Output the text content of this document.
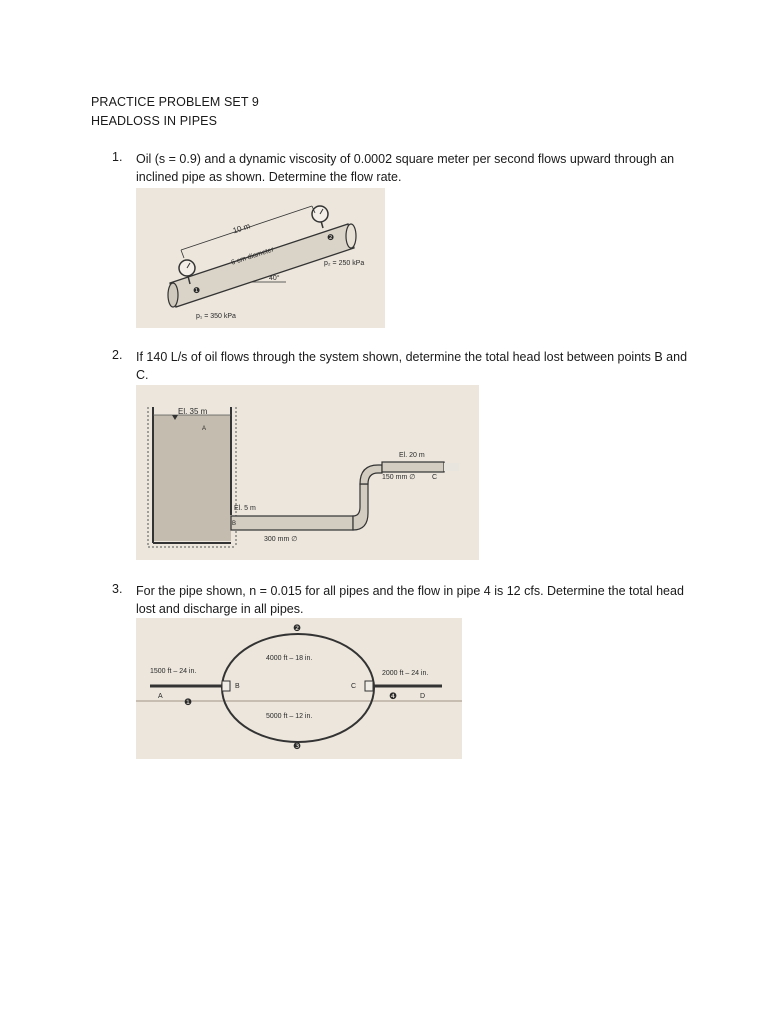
PRACTICE PROBLEM SET 9
HEADLOSS IN PIPES
1. Oil (s = 0.9) and a dynamic viscosity of 0.0002 square meter per second flows upward through an inclined pipe as shown. Determine the flow rate.
10 m
6 cm diameter
40°
❶
❷
p₂ = 250 kPa
p₁ = 350 kPa
2. If 140 L/s of oil flows through the system shown, determine the total head lost between points B and C.
El. 35 m
A
El. 5 m
B
300 mm ∅
El. 20 m
150 mm ∅ C
3. For the pipe shown, n = 0.015 for all pipes and the flow in pipe 4 is 12 cfs. Determine the total head lost and discharge in all pipes.
1500 ft – 24 in.
4000 ft – 18 in.
5000 ft – 12 in.
2000 ft – 24 in.
A
B	C
D
❶
❷
❸
❹
